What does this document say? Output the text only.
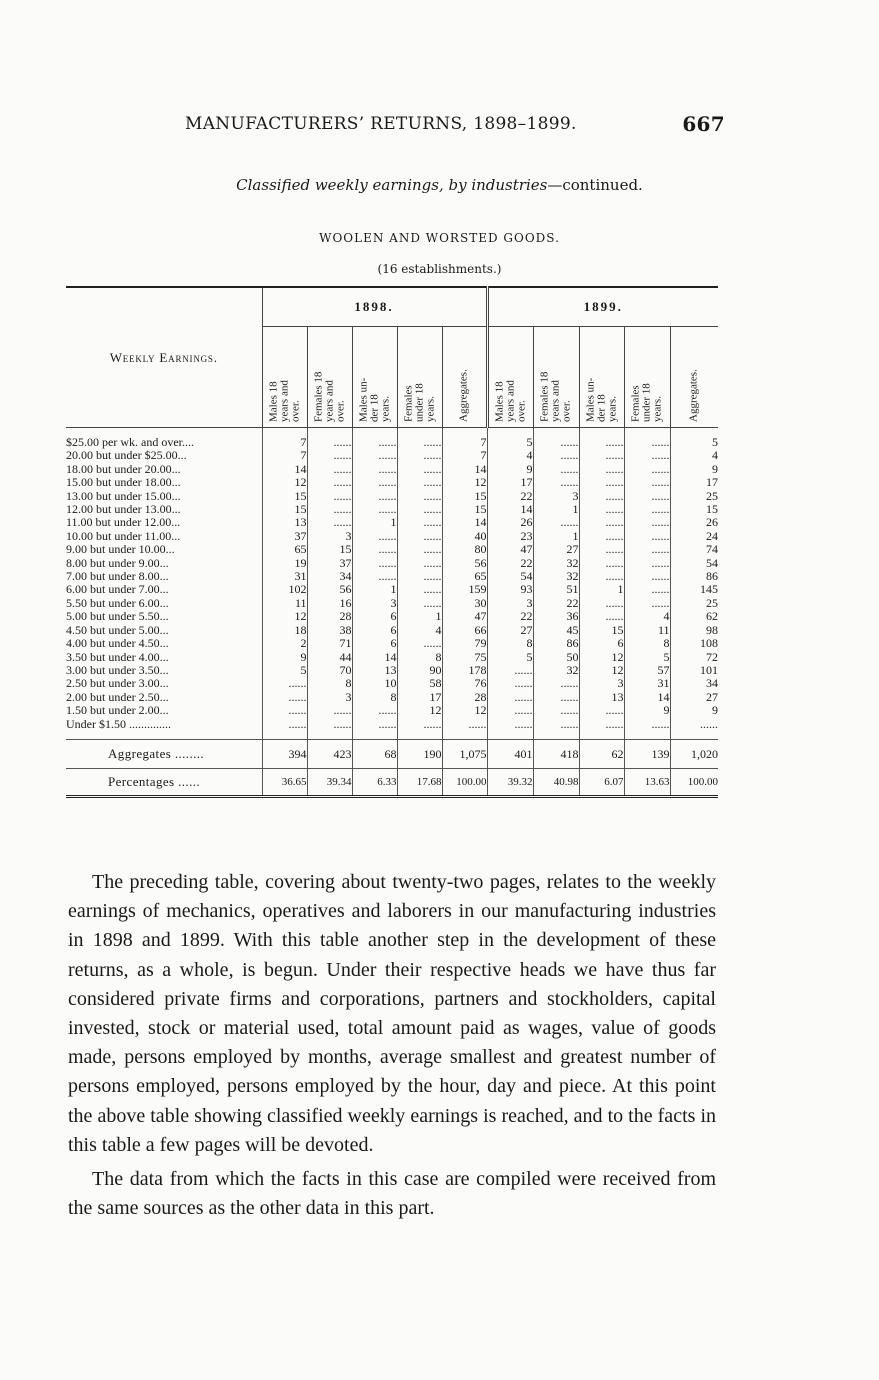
MANUFACTURERS’ RETURNS, 1898–1899.	667
Classified weekly earnings, by industries—continued.
WOOLEN AND WORSTED GOODS.
(16 establishments.)
Weekly Earnings.	1898.					1899.				

	Males 18
years and
over.	Females 18
years and
over.	Males un-
der 18
years.	Females
under 18
years.	Aggregates.	Males 18
years and
over.	Females 18
years and
over.	Males un-
der 18
years.	Females
under 18
years.	Aggregates.

$25.00 per wk. and over....	7	......	......	......	7	5	......	......	......	5
20.00 but under $25.00...	7	......	......	......	7	4	......	......	......	4
18.00 but under 20.00...	14	......	......	......	14	9	......	......	......	9
15.00 but under 18.00...	12	......	......	......	12	17	......	......	......	17
13.00 but under 15.00...	15	......	......	......	15	22	3	......	......	25
12.00 but under 13.00...	15	......	......	......	15	14	1	......	......	15
11.00 but under 12.00...	13	......	1	......	14	26	......	......	......	26
10.00 but under 11.00...	37	3	......	......	40	23	1	......	......	24
9.00 but under 10.00...	65	15	......	......	80	47	27	......	......	74
8.00 but under 9.00...	19	37	......	......	56	22	32	......	......	54
7.00 but under 8.00...	31	34	......	......	65	54	32	......	......	86
6.00 but under 7.00...	102	56	1	......	159	93	51	1	......	145
5.50 but under 6.00...	11	16	3	......	30	3	22	......	......	25
5.00 but under 5.50...	12	28	6	1	47	22	36	......	4	62
4.50 but under 5.00...	18	38	6	4	66	27	45	15	11	98
4.00 but under 4.50...	2	71	6	......	79	8	86	6	8	108
3.50 but under 4.00...	9	44	14	8	75	5	50	12	5	72
3.00 but under 3.50...	5	70	13	90	178	......	32	12	57	101
2.50 but under 3.00...	......	8	10	58	76	......	......	3	31	34
2.00 but under 2.50...	......	3	8	17	28	......	......	13	14	27
1.50 but under 2.00...	......	......	......	12	12	......	......	......	9	9
Under $1.50 ..............	......	......	......	......	......	......	......	......	......	......

Aggregates ........	394	423	68	190	1,075	401	418	62	139	1,020
Percentages ......	36.65	39.34	6.33	17.68	100.00	39.32	40.98	6.07	13.63	100.00

The preceding table, covering about twenty-two pages, relates to the weekly earnings of mechanics, operatives and laborers in our manufacturing industries in 1898 and 1899. With this table another step in the development of these returns, as a whole, is begun. Under their respective heads we have thus far considered private firms and corporations, partners and stockholders, capital invested, stock or material used, total amount paid as wages, value of goods made, persons employed by months, average smallest and greatest number of persons employed, persons employed by the hour, day and piece. At this point the above table showing classified weekly earnings is reached, and to the facts in this table a few pages will be devoted.

The data from which the facts in this case are compiled were received from the same sources as the other data in this part.
